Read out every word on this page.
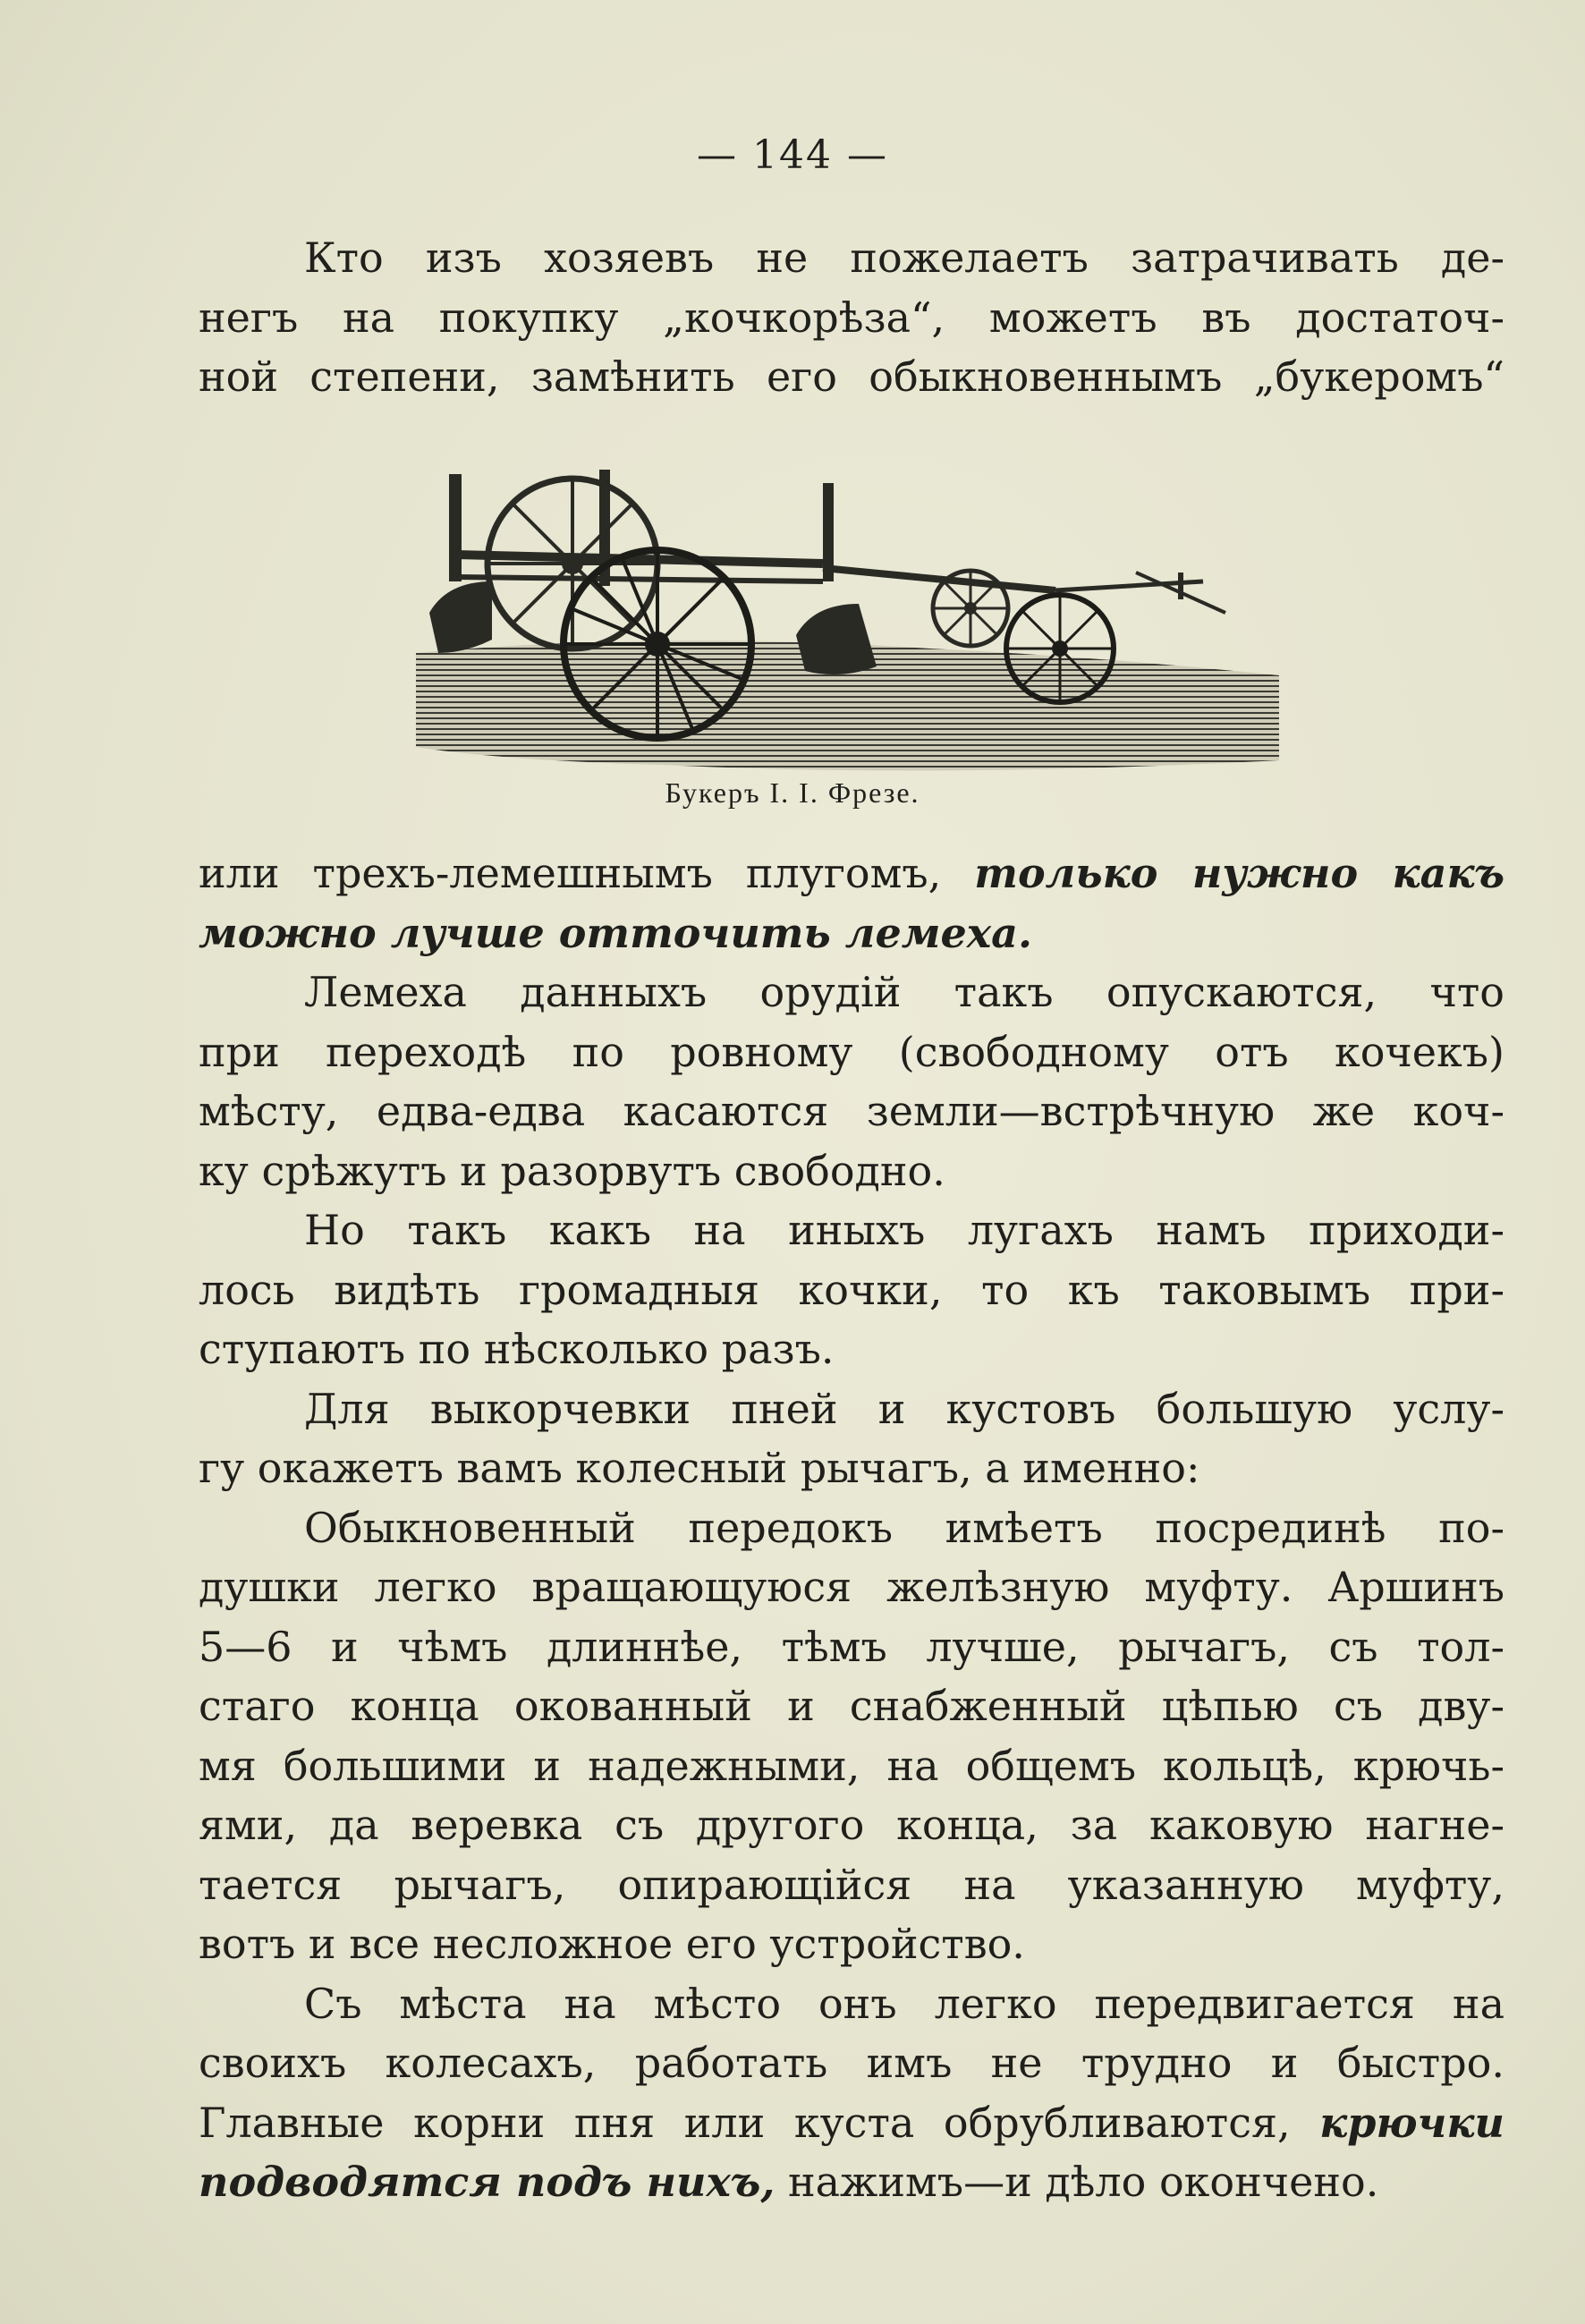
— 144 —
Кто изъ хозяевъ не пожелаетъ затрачивать де-
негъ на покупку „кочкорѣза“, можетъ въ достаточ-
ной степени, замѣнить его обыкновеннымъ „букеромъ“
Букеръ I. I. Фрезе.
или трехъ-лемешнымъ плугомъ, только нужно какъ
можно лучше отточить лемеха.
Лемеха данныхъ орудiй такъ опускаются, что
при переходѣ по ровному (свободному отъ кочекъ)
мѣсту, едва-едва касаются земли—встрѣчную же коч-
ку срѣжутъ и разорвутъ свободно.
Но такъ какъ на иныхъ лугахъ намъ приходи-
лось видѣть громадныя кочки, то къ таковымъ при-
ступаютъ по нѣсколько разъ.
Для выкорчевки пней и кустовъ большую услу-
гу окажетъ вамъ колесный рычагъ, а именно:
Обыкновенный передокъ имѣетъ посрединѣ по-
душки легко вращающуюся желѣзную муфту. Аршинъ
5—6 и чѣмъ длиннѣе, тѣмъ лучше, рычагъ, съ тол-
стаго конца окованный и снабженный цѣпью съ дву-
мя большими и надежными, на общемъ кольцѣ, крючь-
ями, да веревка съ другого конца, за каковую нагне-
тается рычагъ, опирающiйся на указанную муфту,
вотъ и все несложное его устройство.
Съ мѣста на мѣсто онъ легко передвигается на
своихъ колесахъ, работать имъ не трудно и быстро.
Главные корни пня или куста обрубливаются, крючки
подводятся подъ нихъ, нажимъ—и дѣло окончено.
